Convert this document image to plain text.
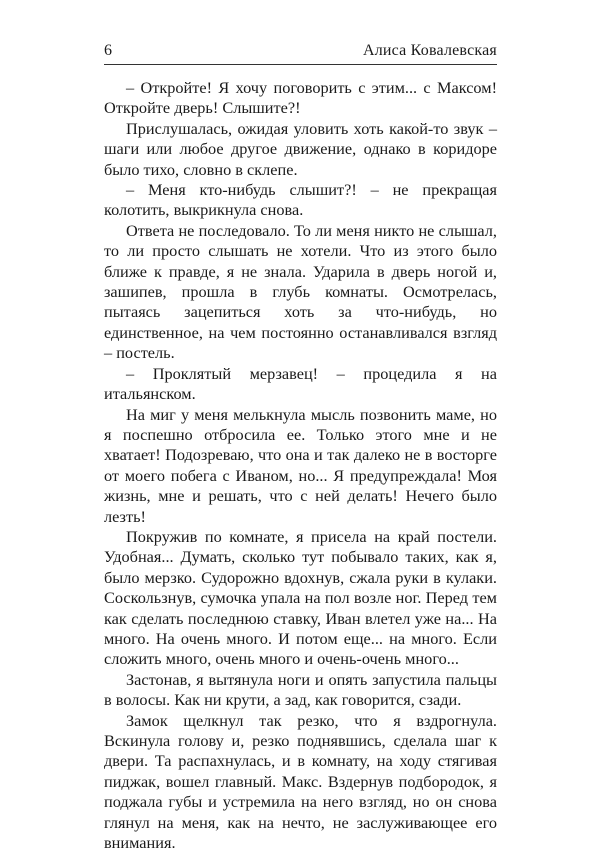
6	Алиса Ковалевская

– Откройте! Я хочу поговорить с этим... с Максом! Откройте дверь! Слышите?!

Прислушалась, ожидая уловить хоть какой-то звук – шаги или любое другое движение, однако в коридоре было тихо, словно в склепе.

– Меня кто-нибудь слышит?! – не прекращая колотить, выкрикнула снова.

Ответа не последовало. То ли меня никто не слышал, то ли просто слышать не хотели. Что из этого было ближе к правде, я не знала. Ударила в дверь ногой и, зашипев, прошла в глубь комнаты. Осмотрелась, пытаясь зацепиться хоть за что-нибудь, но единственное, на чем постоянно останавливался взгляд – постель.

– Проклятый мерзавец! – процедила я на итальянском.

На миг у меня мелькнула мысль позвонить маме, но я поспешно отбросила ее. Только этого мне и не хватает! Подозреваю, что она и так далеко не в восторге от моего побега с Иваном, но... Я предупреждала! Моя жизнь, мне и решать, что с ней делать! Нечего было лезть!

Покружив по комнате, я присела на край постели. Удобная... Думать, сколько тут побывало таких, как я, было мерзко. Судорожно вдохнув, сжала руки в кулаки. Соскользнув, сумочка упала на пол возле ног. Перед тем как сделать последнюю ставку, Иван влетел уже на... На много. На очень много. И потом еще... на много. Если сложить много, очень много и очень-очень много...

Застонав, я вытянула ноги и опять запустила пальцы в волосы. Как ни крути, а зад, как говорится, сзади.

Замок щелкнул так резко, что я вздрогнула. Вскинула голову и, резко поднявшись, сделала шаг к двери. Та распахнулась, и в комнату, на ходу стягивая пиджак, вошел главный. Макс. Вздернув подбородок, я поджала губы и устремила на него взгляд, но он снова глянул на меня, как на нечто, не заслуживающее его внимания.
